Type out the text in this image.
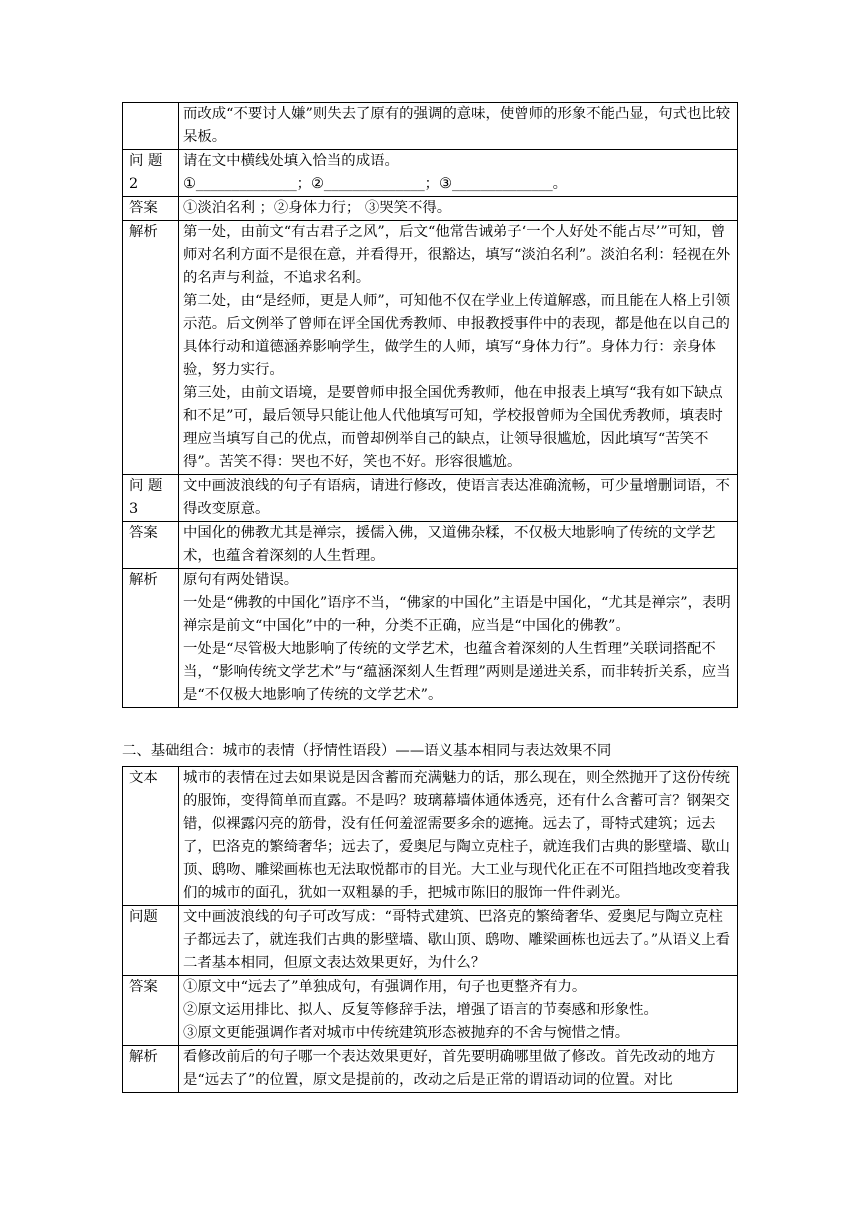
	而改成“不要讨人嫌”则失去了原有的强调的意味，使曾师的形象不能凸显，句式也比较呆板。

问 题 2	请在文中横线处填入恰当的成语。

①______________；②______________；③______________。

答案	①淡泊名利 ；②身体力行； ③哭笑不得。

解析	第一处，由前文“有古君子之风”，后文“他常告诫弟子‘一个人好处不能占尽’”可知，曾师对名利方面不是很在意，并看得开，很豁达，填写“淡泊名利”。淡泊名利：轻视在外的名声与利益，不追求名利。

第二处，由“是经师，更是人师”，可知他不仅在学业上传道解惑，而且能在人格上引领示范。后文例举了曾师在评全国优秀教师、申报教授事件中的表现，都是他在以自己的具体行动和道德涵养影响学生，做学生的人师，填写“身体力行”。身体力行：亲身体验，努力实行。

第三处，由前文语境，是要曾师申报全国优秀教师，他在申报表上填写“我有如下缺点和不足”可，最后领导只能让他人代他填写可知，学校报曾师为全国优秀教师，填表时理应当填写自己的优点，而曾却例举自己的缺点，让领导很尴尬，因此填写“苦笑不得”。苦笑不得：哭也不好，笑也不好。形容很尴尬。

问 题 3	文中画波浪线的句子有语病，请进行修改，使语言表达准确流畅，可少量增删词语，不得改变原意。

答案	中国化的佛教尤其是禅宗，援儒入佛，又道佛杂糅，不仅极大地影响了传统的文学艺术，也蕴含着深刻的人生哲理。

解析	原句有两处错误。

一处是“佛教的中国化”语序不当，“佛家的中国化”主语是中国化，“尤其是禅宗”，表明禅宗是前文“中国化”中的一种，分类不正确，应当是“中国化的佛教”。

一处是“尽管极大地影响了传统的文学艺术，也蕴含着深刻的人生哲理”关联词搭配不当，“影响传统文学艺术”与“蕴涵深刻人生哲理”两则是递进关系，而非转折关系，应当是“不仅极大地影响了传统的文学艺术”。

二、基础组合：城市的表情（抒情性语段）——语义基本相同与表达效果不同
文本	城市的表情在过去如果说是因含蓄而充满魅力的话，那么现在，则全然抛开了这份传统的服饰，变得简单而直露。不是吗？玻璃幕墙体通体透亮，还有什么含蓄可言？钢架交错，似裸露闪亮的筋骨，没有任何羞涩需要多余的遮掩。远去了，哥特式建筑；远去了，巴洛克的繁绮奢华；远去了，爱奥尼与陶立克柱子，就连我们古典的影壁墙、歇山顶、鸱吻、雕梁画栋也无法取悦都市的目光。大工业与现代化正在不可阻挡地改变着我们的城市的面孔，犹如一双粗暴的手，把城市陈旧的服饰一件件剥光。

问题	文中画波浪线的句子可改写成：“哥特式建筑、巴洛克的繁绮奢华、爱奥尼与陶立克柱子都远去了，就连我们古典的影壁墙、歇山顶、鸱吻、雕梁画栋也远去了。”从语义上看二者基本相同，但原文表达效果更好，为什么？

答案	①原文中“远去了”单独成句，有强调作用，句子也更整齐有力。

②原文运用排比、拟人、反复等修辞手法，增强了语言的节奏感和形象性。

③原文更能强调作者对城市中传统建筑形态被抛弃的不舍与惋惜之情。

解析	看修改前后的句子哪一个表达效果更好，首先要明确哪里做了修改。首先改动的地方是“远去了”的位置，原文是提前的，改动之后是正常的谓语动词的位置。对比
